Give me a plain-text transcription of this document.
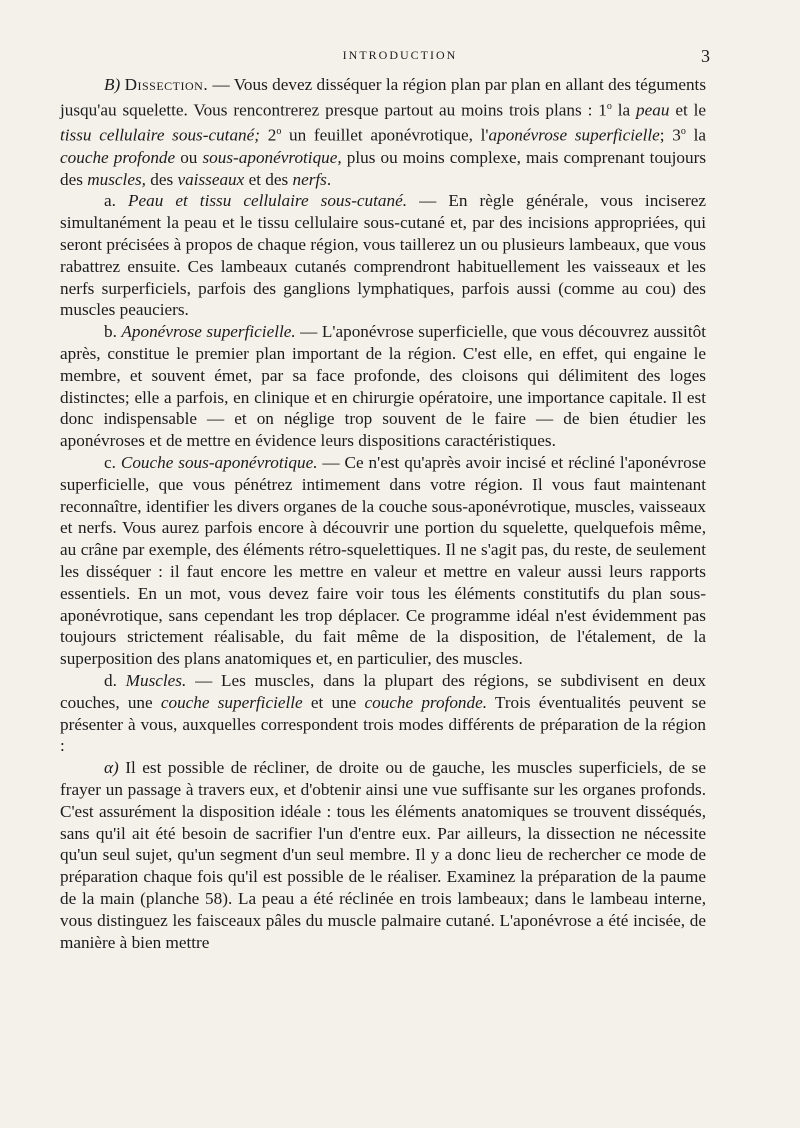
INTRODUCTION	3

B) Dissection. — Vous devez disséquer la région plan par plan en allant des téguments jusqu'au squelette. Vous rencontrerez presque partout au moins trois plans : 1$^o$ la peau et le tissu cellulaire sous-cutané; 2$^o$ un feuillet aponévrotique, l'aponévrose superficielle; 3$^o$ la couche profonde ou sous-aponévrotique, plus ou moins complexe, mais comprenant toujours des muscles, des vaisseaux et des nerfs.

a. Peau et tissu cellulaire sous-cutané. — En règle générale, vous inciserez simultanément la peau et le tissu cellulaire sous-cutané et, par des incisions appropriées, qui seront précisées à propos de chaque région, vous taillerez un ou plusieurs lambeaux, que vous rabattrez ensuite. Ces lambeaux cutanés comprendront habituellement les vaisseaux et les nerfs surperficiels, parfois des ganglions lymphatiques, parfois aussi (comme au cou) des muscles peauciers.

b. Aponévrose superficielle. — L'aponévrose superficielle, que vous découvrez aussitôt après, constitue le premier plan important de la région. C'est elle, en effet, qui engaine le membre, et souvent émet, par sa face profonde, des cloisons qui délimitent des loges distinctes; elle a parfois, en clinique et en chirurgie opératoire, une importance capitale. Il est donc indispensable — et on néglige trop souvent de le faire — de bien étudier les aponévroses et de mettre en évidence leurs dispositions caractéristiques.

c. Couche sous-aponévrotique. — Ce n'est qu'après avoir incisé et récliné l'aponévrose superficielle, que vous pénétrez intimement dans votre région. Il vous faut maintenant reconnaître, identifier les divers organes de la couche sous-aponévrotique, muscles, vaisseaux et nerfs. Vous aurez parfois encore à découvrir une portion du squelette, quelquefois même, au crâne par exemple, des éléments rétro-squelettiques. Il ne s'agit pas, du reste, de seulement les disséquer : il faut encore les mettre en valeur et mettre en valeur aussi leurs rapports essentiels. En un mot, vous devez faire voir tous les éléments constitutifs du plan sous-aponévrotique, sans cependant les trop déplacer. Ce programme idéal n'est évidemment pas toujours strictement réalisable, du fait même de la disposition, de l'étalement, de la superposition des plans anatomiques et, en particulier, des muscles.

d. Muscles. — Les muscles, dans la plupart des régions, se subdivisent en deux couches, une couche superficielle et une couche profonde. Trois éventualités peuvent se présenter à vous, auxquelles correspondent trois modes différents de préparation de la région :

α) Il est possible de récliner, de droite ou de gauche, les muscles superficiels, de se frayer un passage à travers eux, et d'obtenir ainsi une vue suffisante sur les organes profonds. C'est assurément la disposition idéale : tous les éléments anatomiques se trouvent disséqués, sans qu'il ait été besoin de sacrifier l'un d'entre eux. Par ailleurs, la dissection ne nécessite qu'un seul sujet, qu'un segment d'un seul membre. Il y a donc lieu de rechercher ce mode de préparation chaque fois qu'il est possible de le réaliser. Examinez la préparation de la paume de la main (planche 58). La peau a été réclinée en trois lambeaux; dans le lambeau interne, vous distinguez les faisceaux pâles du muscle palmaire cutané. L'aponévrose a été incisée, de manière à bien mettre
